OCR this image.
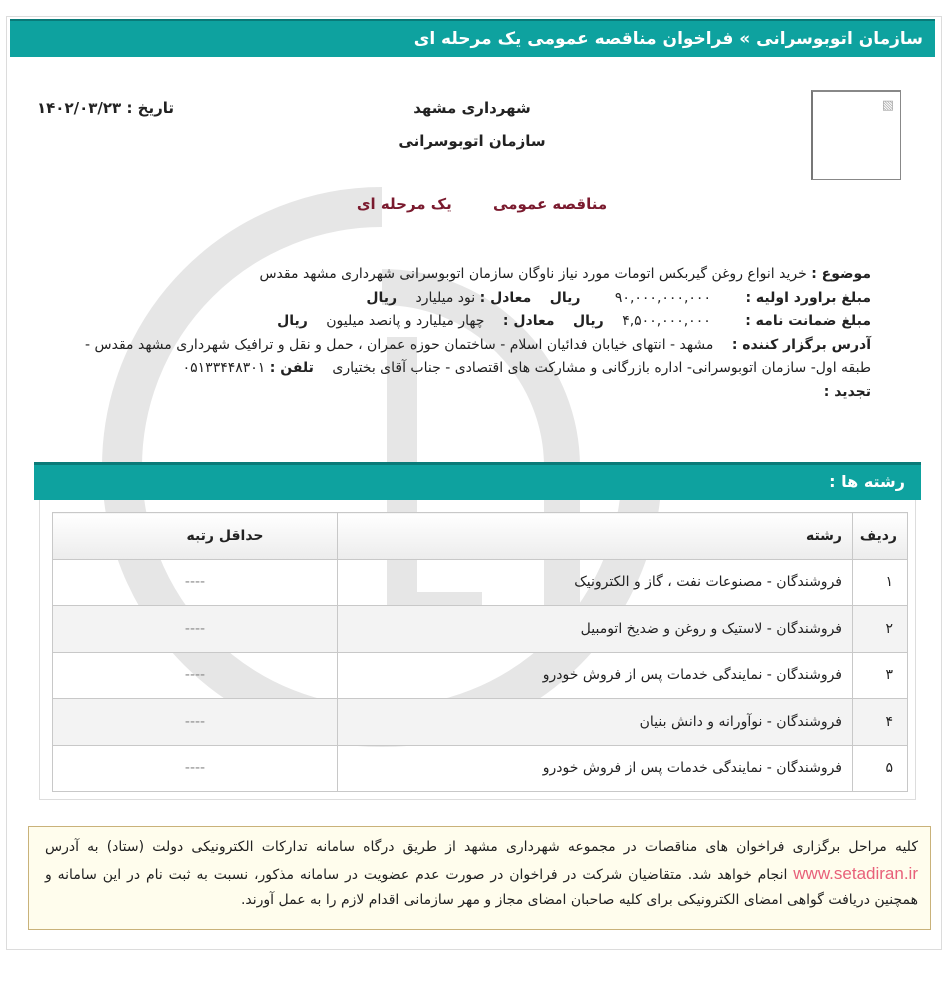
سازمان اتوبوسرانی » فراخوان مناقصه عمومی یک مرحله ای
▧
شهرداری مشهد
سازمان اتوبوسرانی
تاریخ : ۱۴۰۲/۰۳/۲۳
مناقصه عمومی یک مرحله ای
موضوع : خرید انواع روغن گیربکس اتومات مورد نیاز ناوگان سازمان اتوبوسرانی شهرداری مشهد مقدس
مبلغ براورد اولیه : ۹۰,۰۰۰,۰۰۰,۰۰۰ ریال معادل : نود میلیارد ریال
مبلغ ضمانت نامه : ۴,۵۰۰,۰۰۰,۰۰۰ ریال معادل : چهار میلیارد و پانصد میلیون ریال
آدرس برگزار کننده : مشهد - انتهای خیابان فدائیان اسلام - ساختمان حوزه عمران ، حمل و نقل و ترافیک شهرداری مشهد مقدس -
طبقه اول- سازمان اتوبوسرانی- اداره بازرگانی و مشارکت های اقتصادی - جناب آقای بختیاری تلفن : ۰۵۱۳۳۴۴۸۳۰۱
تجدید :
رشته ها :
ردیف	رشته	حداقل رتبه
۱	فروشندگان - مصنوعات نفت ، گاز و الکترونیک	----
۲	فروشندگان - لاستیک و روغن و ضدیخ اتومبیل	----
۳	فروشندگان - نمایندگی خدمات پس از فروش خودرو	----
۴	فروشندگان - نوآورانه و دانش بنیان	----
۵	فروشندگان - نمایندگی خدمات پس از فروش خودرو	----
کلیه مراحل برگزاری فراخوان های مناقصات در مجموعه شهرداری مشهد از طریق درگاه سامانه تدارکات الکترونیکی دولت (ستاد) به آدرس www.setadiran.ir انجام خواهد شد. متقاضیان شرکت در فراخوان در صورت عدم عضویت در سامانه مذکور، نسبت به ثبت نام در این سامانه و همچنین دریافت گواهی امضای الکترونیکی برای کلیه صاحبان امضای مجاز و مهر سازمانی اقدام لازم را به عمل آورند.
